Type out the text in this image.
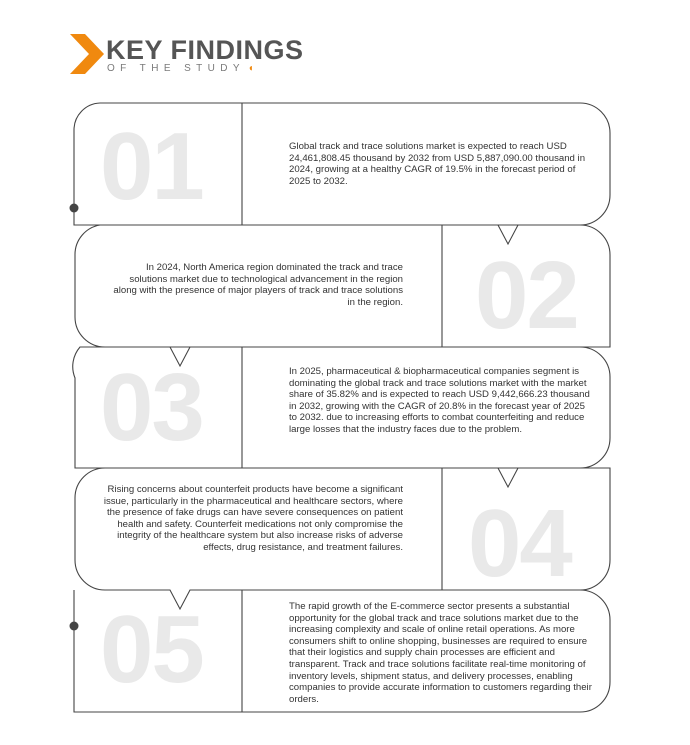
KEY FINDINGS
OF THE STUDY ◖
01	Global track and trace solutions market is expected to reach USD 24,461,808.45 thousand by 2032 from USD 5,887,090.00 thousand in 2024, growing at a healthy CAGR of 19.5% in the forecast period of 2025 to 2032.
02
In 2024, North America region dominated the track and trace solutions market due to technological advancement in the region along with the presence of major players of track and trace solutions in the region.
03	In 2025, pharmaceutical & biopharmaceutical companies segment is dominating the global track and trace solutions market with the market share of 35.82% and is expected to reach USD 9,442,666.23 thousand in 2032, growing with the CAGR of 20.8% in the forecast year of 2025 to 2032. due to increasing efforts to combat counterfeiting and reduce large losses that the industry faces due to the problem.
04
Rising concerns about counterfeit products have become a significant issue, particularly in the pharmaceutical and healthcare sectors, where the presence of fake drugs can have severe consequences on patient health and safety. Counterfeit medications not only compromise the integrity of the healthcare system but also increase risks of adverse effects, drug resistance, and treatment failures.
05	The rapid growth of the E-commerce sector presents a substantial opportunity for the global track and trace solutions market due to the increasing complexity and scale of online retail operations. As more consumers shift to online shopping, businesses are required to ensure that their logistics and supply chain processes are efficient and transparent. Track and trace solutions facilitate real-time monitoring of inventory levels, shipment status, and delivery processes, enabling companies to provide accurate information to customers regarding their orders.
